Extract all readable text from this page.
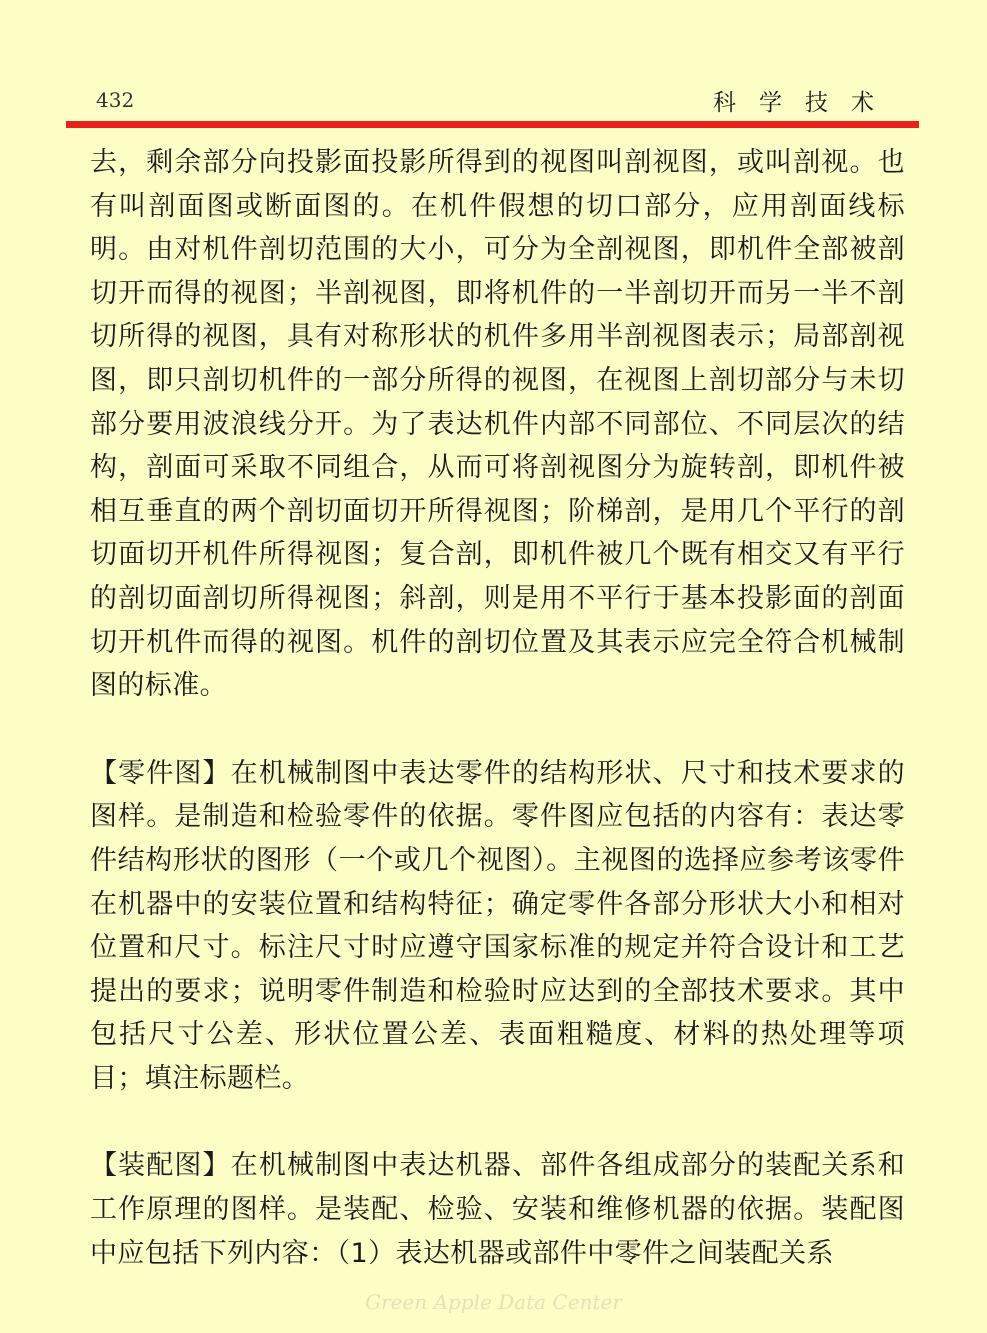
432	科学技术

去，剩余部分向投影面投影所得到的视图叫剖视图，或叫剖视。也有叫剖面图或断面图的。在机件假想的切口部分，应用剖面线标明。由对机件剖切范围的大小，可分为全剖视图，即机件全部被剖切开而得的视图；半剖视图，即将机件的一半剖切开而另一半不剖切所得的视图，具有对称形状的机件多用半剖视图表示；局部剖视图，即只剖切机件的一部分所得的视图，在视图上剖切部分与未切部分要用波浪线分开。为了表达机件内部不同部位、不同层次的结构，剖面可采取不同组合，从而可将剖视图分为旋转剖，即机件被相互垂直的两个剖切面切开所得视图；阶梯剖，是用几个平行的剖切面切开机件所得视图；复合剖，即机件被几个既有相交又有平行的剖切面剖切所得视图；斜剖，则是用不平行于基本投影面的剖面切开机件而得的视图。机件的剖切位置及其表示应完全符合机械制图的标准。

【零件图】在机械制图中表达零件的结构形状、尺寸和技术要求的图样。是制造和检验零件的依据。零件图应包括的内容有：表达零件结构形状的图形（一个或几个视图）。主视图的选择应参考该零件在机器中的安装位置和结构特征；确定零件各部分形状大小和相对位置和尺寸。标注尺寸时应遵守国家标准的规定并符合设计和工艺提出的要求；说明零件制造和检验时应达到的全部技术要求。其中包括尺寸公差、形状位置公差、表面粗糙度、材料的热处理等项目；填注标题栏。

【装配图】在机械制图中表达机器、部件各组成部分的装配关系和工作原理的图样。是装配、检验、安装和维修机器的依据。装配图中应包括下列内容：（1）表达机器或部件中零件之间装配关系

Green Apple Data Center
